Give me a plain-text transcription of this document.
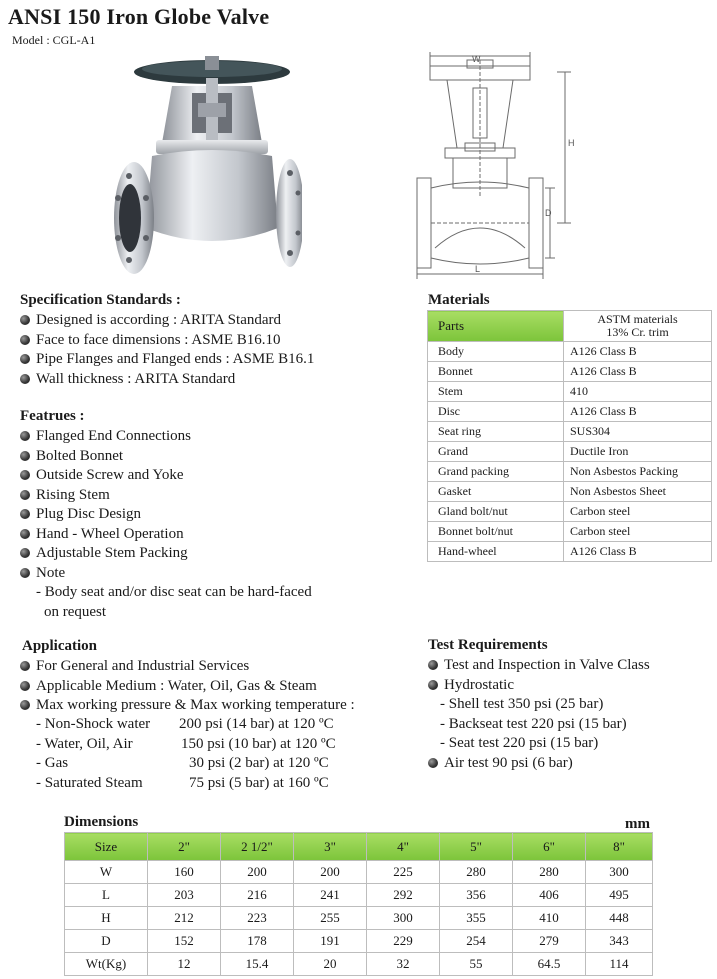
ANSI 150 Iron Globe Valve
Model : CGL-A1
W
H
D
L
Specification Standards :
Designed is according : ARITA Standard
Face to face dimensions : ASME B16.10
Pipe Flanges and Flanged ends : ASME B16.1
Wall thickness : ARITA Standard
Featrues :
Flanged End Connections
Bolted Bonnet
Outside Screw and Yoke
Rising Stem
Plug Disc Design
Hand - Wheel Operation
Adjustable Stem Packing
Note
- Body seat and/or disc seat can be hard-faced
on request
Application
For General and Industrial Services
Applicable Medium : Water, Oil, Gas & Steam
Max working pressure & Max working temperature :
- Non-Shock water 200 psi (14 bar) at 120 ºC
- Water, Oil, Air	150 psi (10 bar) at 120 ºC
- Gas	30 psi (2 bar) at 120 ºC
- Saturated Steam	75 psi (5 bar) at 160 ºC
Materials
Parts	ASTM materials
13% Cr. trim

Body	A126 Class B
Bonnet	A126 Class B
Stem	410
Disc	A126 Class B
Seat ring	SUS304
Grand	Ductile Iron
Grand packing	Non Asbestos Packing
Gasket	Non Asbestos Sheet
Gland bolt/nut	Carbon steel
Bonnet bolt/nut	Carbon steel
Hand-wheel	A126 Class B
Test Requirements
Test and Inspection in Valve Class
Hydrostatic
- Shell test 350 psi (25 bar)
- Backseat test 220 psi (15 bar)
- Seat test 220 psi (15 bar)
Air test 90 psi (6 bar)
Dimensions	mm
Size	2"	2 1/2"	3"	4"	5"	6"	8"
W	160	200	200	225	280	280	300
L	203	216	241	292	356	406	495
H	212	223	255	300	355	410	448
D	152	178	191	229	254	279	343
Wt(Kg)	12	15.4	20	32	55	64.5	114
